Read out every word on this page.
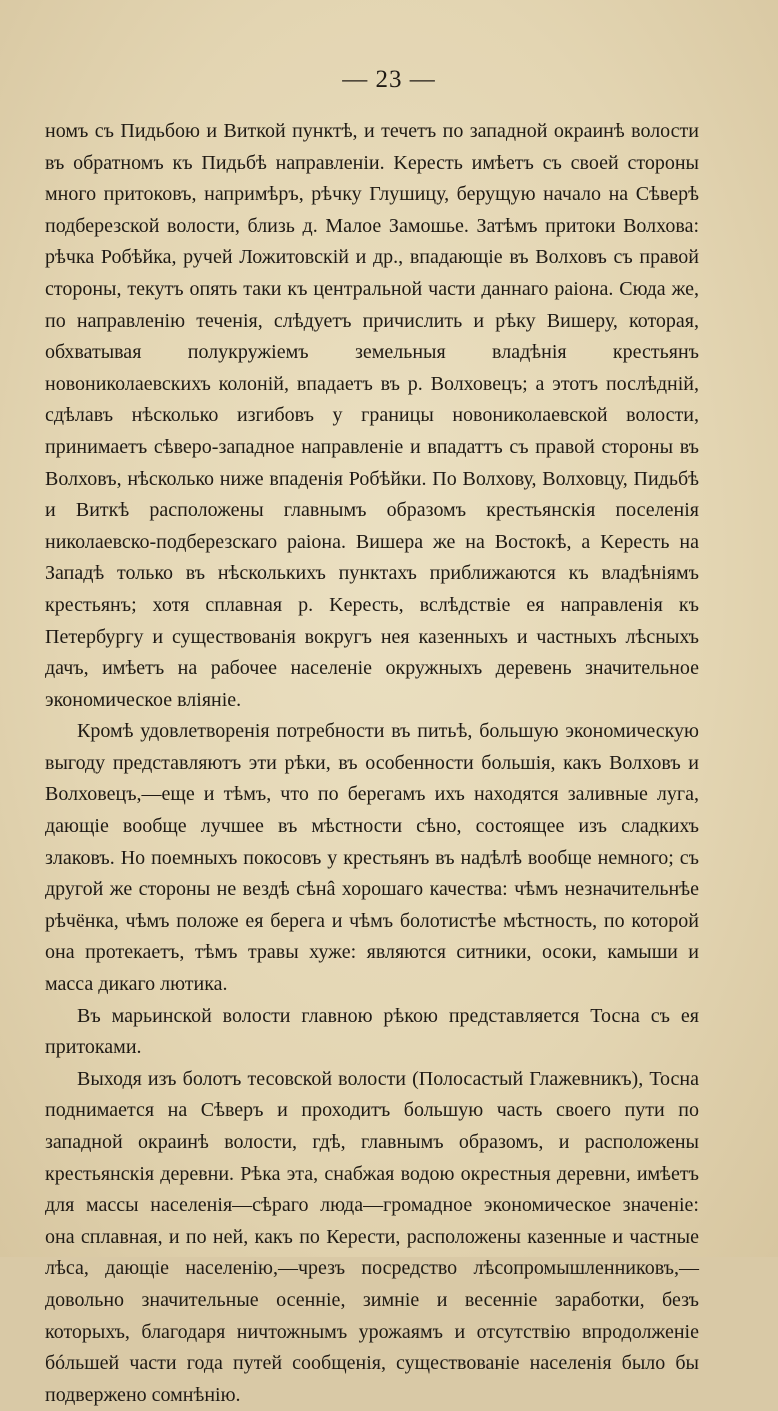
— 23 —

номъ съ Пидьбою и Виткой пунктѣ, и течетъ по западной окраинѣ волости въ обратномъ къ Пидьбѣ направленіи. Keресть имѣетъ съ своей стороны много притоковъ, напримѣръ, рѣчку Глушицу, берущую начало на Сѣверѣ подберезской волости, близь д. Малое Замошье. Затѣмъ притоки Волхова: рѣчка Робѣйка, ручей Ложитовскій и др., впадающіе въ Волховъ съ правой стороны, текутъ опять таки къ центральной части даннаго раіона. Сюда же, по направленію теченія, слѣдуетъ причислить и рѣку Вишеру, которая, обхватывая полукружіемъ земельныя владѣнія крестьянъ новониколаевскихъ колоній, впадаетъ въ р. Волховецъ; а этотъ послѣдній, сдѣлавъ нѣсколько изгибовъ у границы новониколаевской волости, принимаетъ сѣверо-западное направленіе и впадаттъ съ правой стороны въ Волховъ, нѣсколько ниже впаденія Робѣйки. По Волхову, Волховцу, Пидьбѣ и Виткѣ расположены главнымъ образомъ крестьянскія поселенія николаевско-подберезскаго раіона. Вишера же на Востокѣ, а Keресть на Западѣ только въ нѣсколькихъ пунктахъ приближаются къ владѣніямъ крестьянъ; хотя сплавная р. Keресть, вслѣдствіе ея направленія къ Петербургу и существованія вокругъ нея казенныхъ и частныхъ лѣсныхъ дачъ, имѣетъ на рабочее населеніе окружныхъ деревень значительное экономическое вліяніе.

Кромѣ удовлетворенія потребности въ питьѣ, большую экономическую выгоду представляютъ эти рѣки, въ особенности большія, какъ Волховъ и Волховецъ,—еще и тѣмъ, что по берегамъ ихъ находятся заливные луга, дающіе вообще лучшее въ мѣстности сѣно, состоящее изъ сладкихъ злаковъ. Но поемныхъ покосовъ у крестьянъ въ надѣлѣ вообще немного; съ другой же стороны не вездѣ сѣнâ хорошаго качества: чѣмъ незначительнѣе рѣчёнка, чѣмъ положе ея берега и чѣмъ болотистѣе мѣстность, по которой она протекаетъ, тѣмъ травы хуже: являются ситники, осоки, камыши и масса дикаго лютика.

Въ марьинской волости главною рѣкою представляется Тосна съ ея притоками.

Выходя изъ болотъ тесовской волости (Полосастый Глажевникъ), Тосна поднимается на Сѣверъ и проходитъ большую часть своего пути по западной окраинѣ волости, гдѣ, главнымъ образомъ, и расположены крестьянскія деревни. Рѣка эта, снабжая водою окрестныя деревни, имѣетъ для массы населенія—сѣраго люда—громадное экономическое значеніе: она сплавная, и по ней, какъ по Керести, расположены казенные и частные лѣса, дающіе населенію,—чрезъ посредство лѣсопромышленниковъ,—довольно значительные осенніе, зимніе и весенніе заработки, безъ которыхъ, благодаря ничтожнымъ урожаямъ и отсутствію впродолженіе бóльшей части года путей сообщенія, существованіе населенія было бы подвержено сомнѣнію.
